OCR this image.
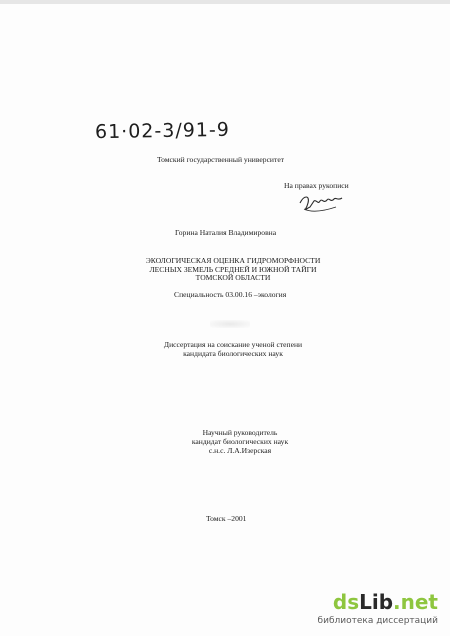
61·02-3/91-9
Томский государственный университет
На правах рукописи
Горина Наталия Владимировна
ЭКОЛОГИЧЕСКАЯ ОЦЕНКА ГИДРОМОРФНОСТИ
ЛЕСНЫХ ЗЕМЕЛЬ СРЕДНЕЙ И ЮЖНОЙ ТАЙГИ
ТОМСКОЙ ОБЛАСТИ
Специальность 03.00.16 –экология
Диссертация на соискание ученой степени
кандидата биологических наук
Научный руководитель
кандидат биологических наук
с.н.с. Л.А.Изерская
Томск –2001
dsLib.net
библиотека диссертаций
